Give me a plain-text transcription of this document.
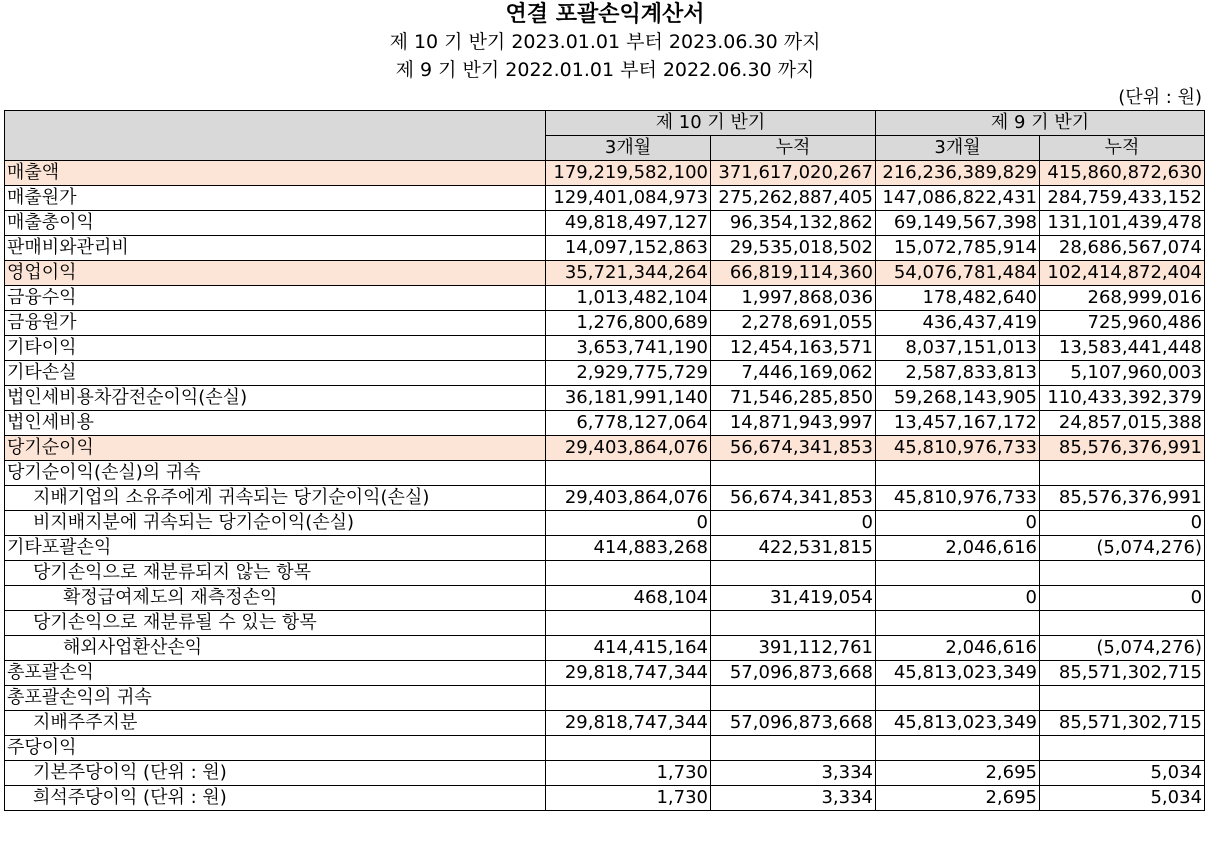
연결 포괄손익계산서
제 10 기 반기 2023.01.01 부터 2023.06.30 까지
제 9 기 반기 2022.01.01 부터 2022.06.30 까지
(단위 : 원)
	제 10 기 반기		제 9 기 반기	
	3개월	누적	3개월	누적
매출액	179,219,582,100	371,617,020,267	216,236,389,829	415,860,872,630
매출원가	129,401,084,973	275,262,887,405	147,086,822,431	284,759,433,152
매출총이익	49,818,497,127	96,354,132,862	69,149,567,398	131,101,439,478
판매비와관리비	14,097,152,863	29,535,018,502	15,072,785,914	28,686,567,074
영업이익	35,721,344,264	66,819,114,360	54,076,781,484	102,414,872,404
금융수익	1,013,482,104	1,997,868,036	178,482,640	268,999,016
금융원가	1,276,800,689	2,278,691,055	436,437,419	725,960,486
기타이익	3,653,741,190	12,454,163,571	8,037,151,013	13,583,441,448
기타손실	2,929,775,729	7,446,169,062	2,587,833,813	5,107,960,003
법인세비용차감전순이익(손실)	36,181,991,140	71,546,285,850	59,268,143,905	110,433,392,379
법인세비용	6,778,127,064	14,871,943,997	13,457,167,172	24,857,015,388
당기순이익	29,403,864,076	56,674,341,853	45,810,976,733	85,576,376,991
당기순이익(손실)의 귀속				
지배기업의 소유주에게 귀속되는 당기순이익(손실)	29,403,864,076	56,674,341,853	45,810,976,733	85,576,376,991
비지배지분에 귀속되는 당기순이익(손실)	0	0	0	0
기타포괄손익	414,883,268	422,531,815	2,046,616	(5,074,276)
당기손익으로 재분류되지 않는 항목				
확정급여제도의 재측정손익	468,104	31,419,054	0	0
당기손익으로 재분류될 수 있는 항목				
해외사업환산손익	414,415,164	391,112,761	2,046,616	(5,074,276)
총포괄손익	29,818,747,344	57,096,873,668	45,813,023,349	85,571,302,715
총포괄손익의 귀속				
지배주주지분	29,818,747,344	57,096,873,668	45,813,023,349	85,571,302,715
주당이익				
기본주당이익 (단위 : 원)	1,730	3,334	2,695	5,034
희석주당이익 (단위 : 원)	1,730	3,334	2,695	5,034
